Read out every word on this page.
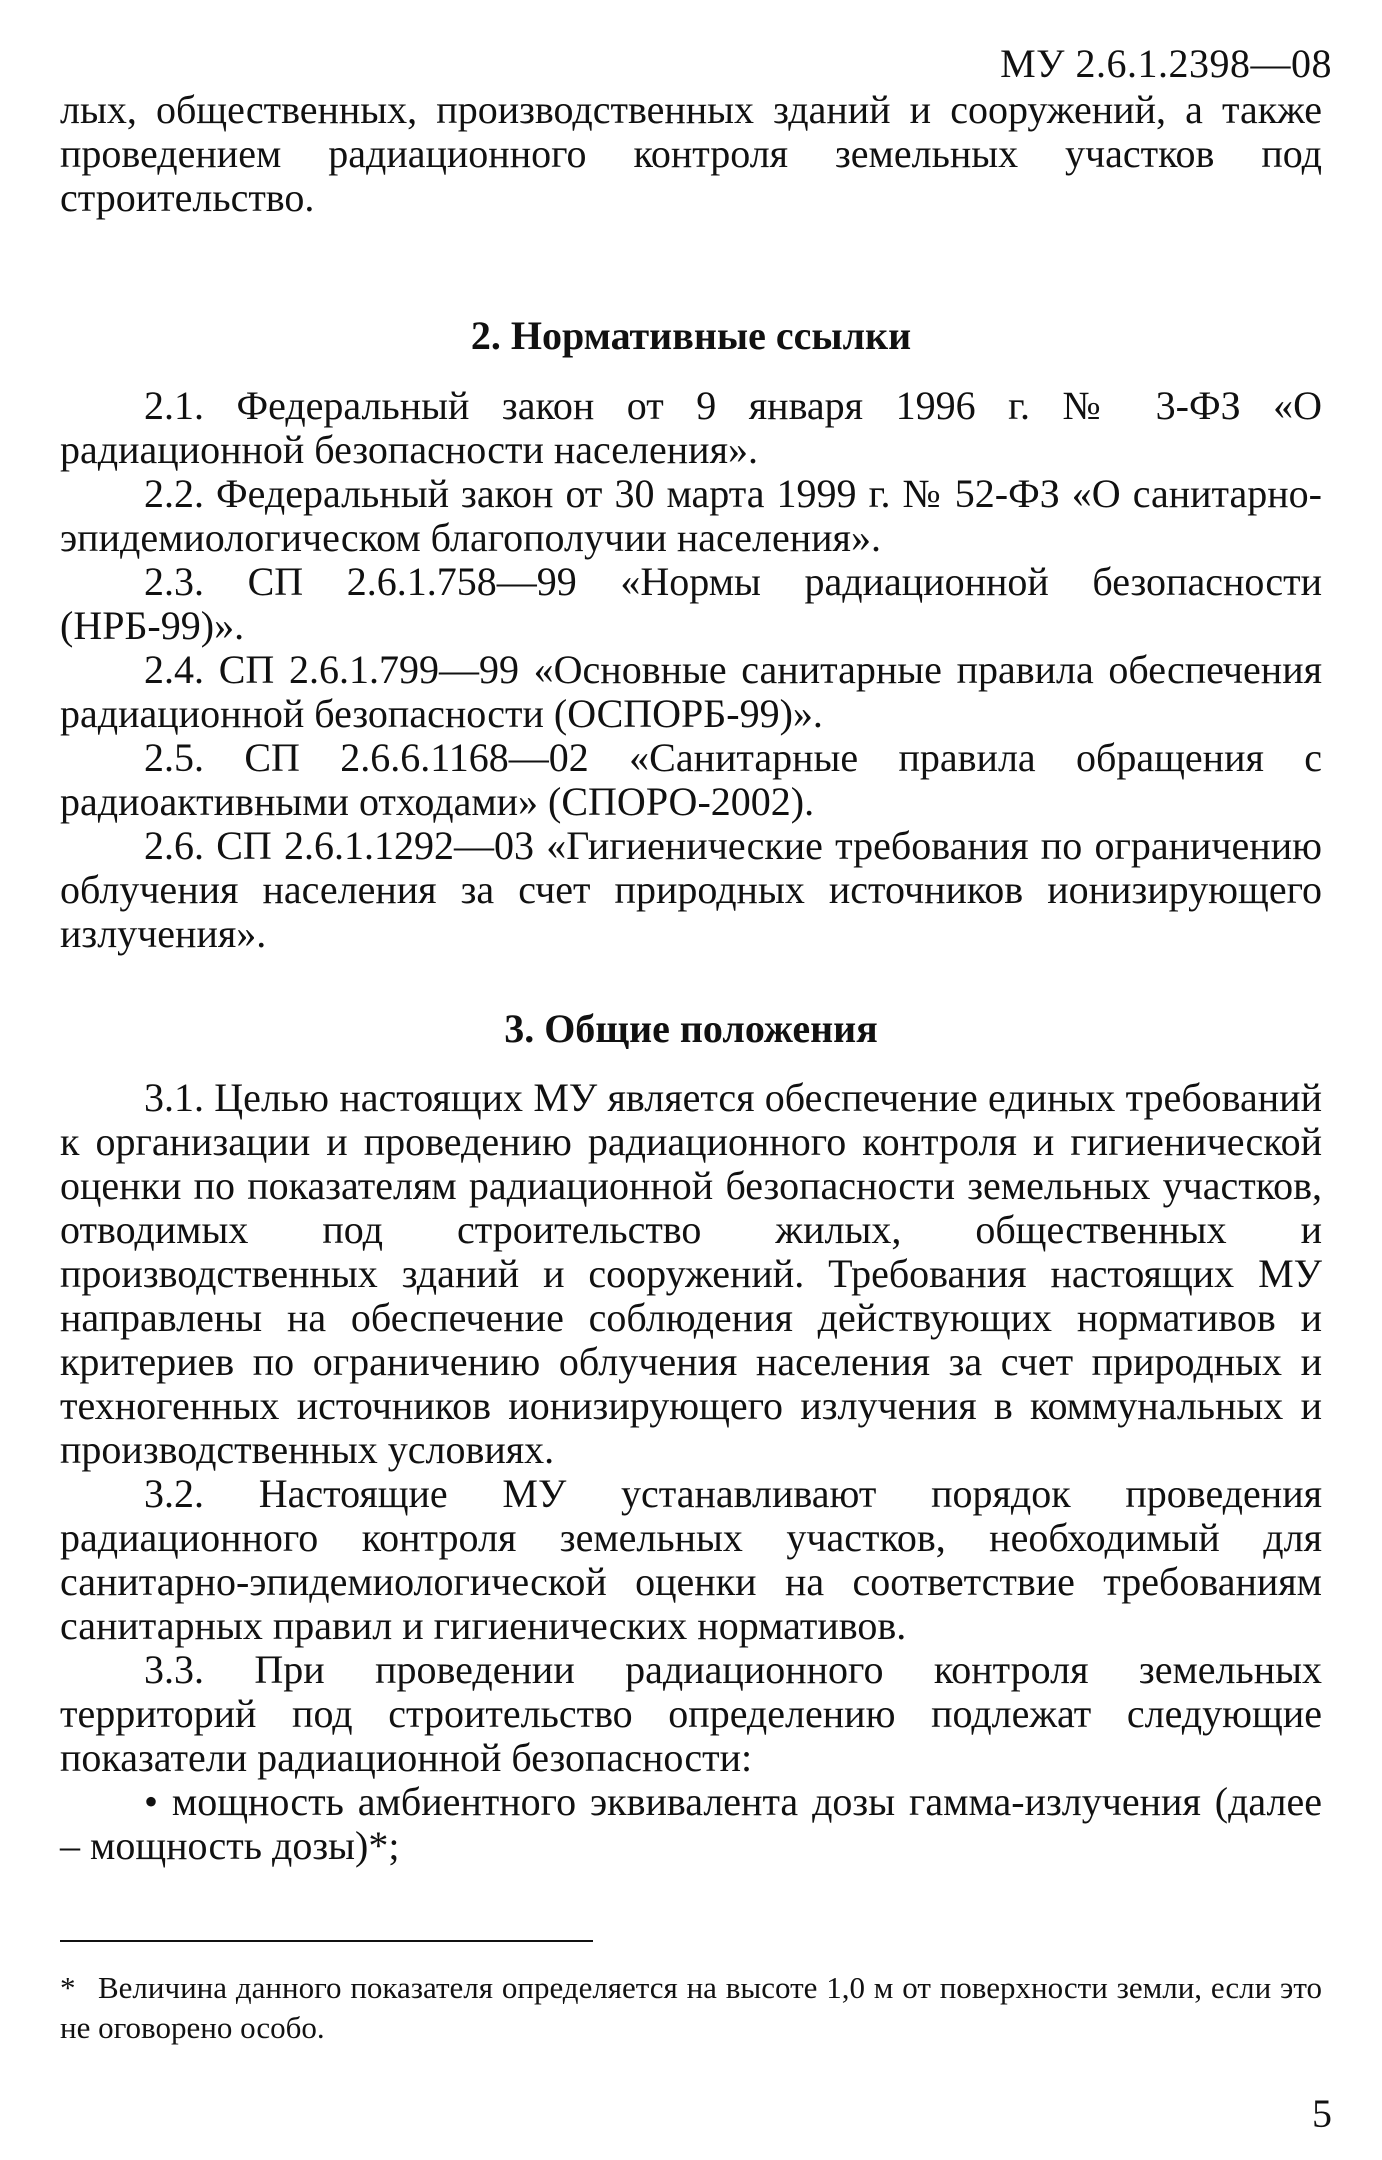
МУ 2.6.1.2398—08

лых, общественных, производственных зданий и сооружений, а также проведением радиационного контроля земельных участков под строительство.

2. Нормативные ссылки

2.1. Федеральный закон от 9 января 1996 г. № 3-ФЗ «О радиационной безопасности населения».

2.2. Федеральный закон от 30 марта 1999 г. № 52-ФЗ «О санитарно-эпидемиологическом благополучии населения».

2.3. СП 2.6.1.758—99 «Нормы радиационной безопасности (НРБ-99)».

2.4. СП 2.6.1.799—99 «Основные санитарные правила обеспечения радиационной безопасности (ОСПОРБ-99)».

2.5. СП 2.6.6.1168—02 «Санитарные правила обращения с радиоактивными отходами» (СПОРО-2002).

2.6. СП 2.6.1.1292—03 «Гигиенические требования по ограничению облучения населения за счет природных источников ионизирующего излучения».

3. Общие положения

3.1. Целью настоящих МУ является обеспечение единых требований к организации и проведению радиационного контроля и гигиенической оценки по показателям радиационной безопасности земельных участков, отводимых под строительство жилых, общественных и производственных зданий и сооружений. Требования настоящих МУ направлены на обеспечение соблюдения действующих нормативов и критериев по ограничению облучения населения за счет природных и техногенных источников ионизирующего излучения в коммунальных и производственных условиях.

3.2. Настоящие МУ устанавливают порядок проведения радиационного контроля земельных участков, необходимый для санитарно-эпидемиологической оценки на соответствие требованиям санитарных правил и гигиенических нормативов.

3.3. При проведении радиационного контроля земельных территорий под строительство определению подлежат следующие показатели радиационной безопасности:

• мощность амбиентного эквивалента дозы гамма-излучения (далее – мощность дозы)*;

* Величина данного показателя определяется на высоте 1,0 м от поверхности земли, если это не оговорено особо.
5
